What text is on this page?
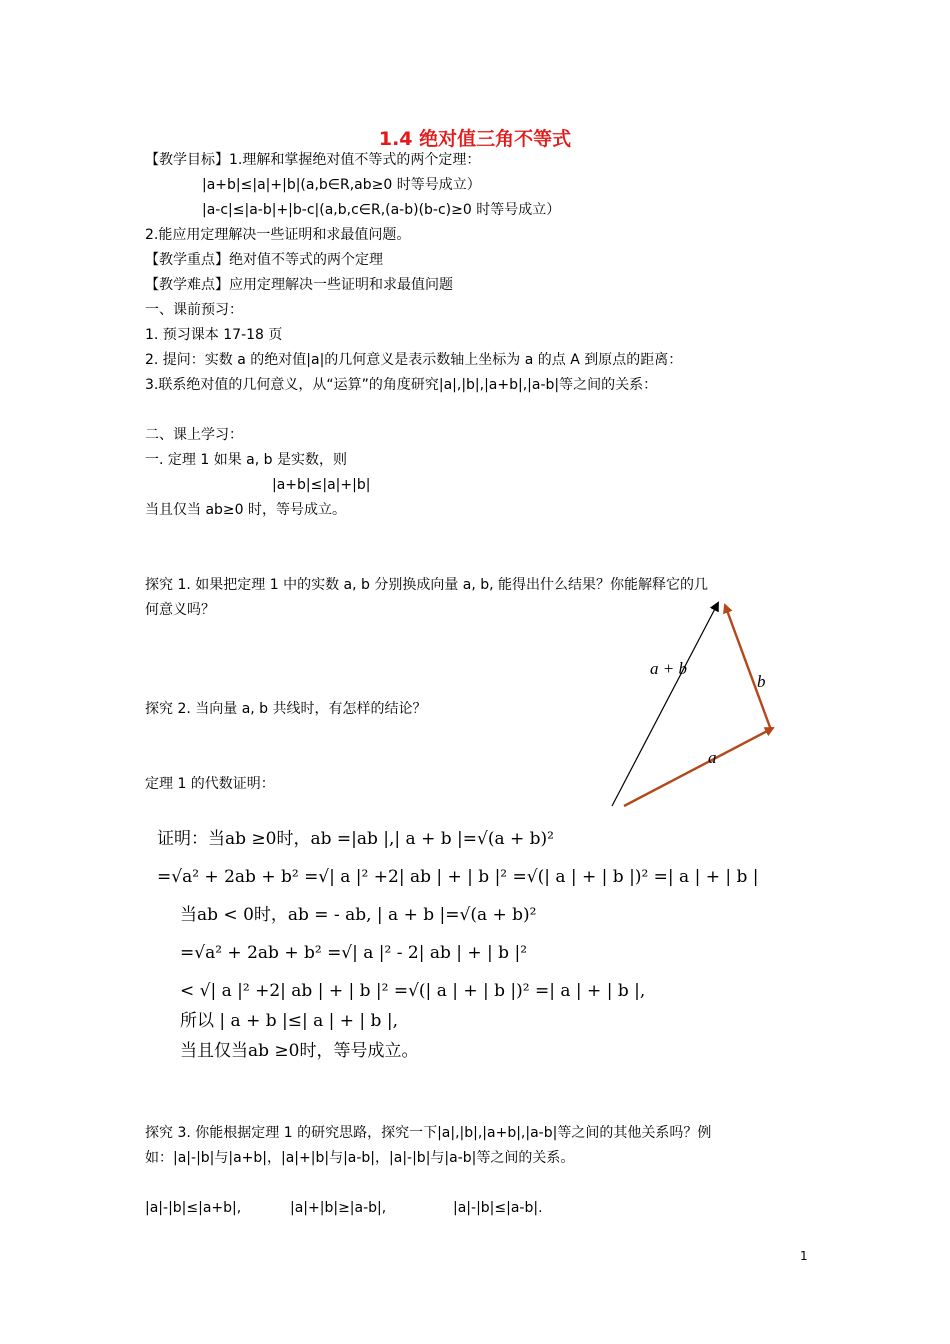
1.4 绝对值三角不等式
【教学目标】1.理解和掌握绝对值不等式的两个定理：
|a+b|≤|a|+|b|(a,b∈R,ab≥0 时等号成立）
|a-c|≤|a-b|+|b-c|(a,b,c∈R,(a-b)(b-c)≥0 时等号成立）
2.能应用定理解决一些证明和求最值问题。
【教学重点】绝对值不等式的两个定理
【教学难点】应用定理解决一些证明和求最值问题
一、课前预习：
1. 预习课本 17-18 页
2. 提问：实数 a 的绝对值|a|的几何意义是表示数轴上坐标为 a 的点 A 到原点的距离：
3.联系绝对值的几何意义，从“运算”的角度研究|a|,|b|,|a+b|,|a-b|等之间的关系：
二、课上学习：
一. 定理 1 如果 a, b 是实数，则
|a+b|≤|a|+|b|
当且仅当 ab≥0 时，等号成立。
探究 1. 如果把定理 1 中的实数 a, b 分别换成向量 a, b, 能得出什么结果？你能解释它的几
何意义吗？
探究 2. 当向量 a, b 共线时，有怎样的结论？
定理 1 的代数证明：
a + b
b
a
证明：当ab ≥0时，ab =|ab |,| a + b |=√(a + b)²
=√a² + 2ab + b² =√| a |² +2| ab | + | b |² =√(| a | + | b |)² =| a | + | b |
当ab < 0时，ab = - ab, | a + b |=√(a + b)²
=√a² + 2ab + b² =√| a |² - 2| ab | + | b |²
< √| a |² +2| ab | + | b |² =√(| a | + | b |)² =| a | + | b |,
所以 | a + b |≤| a | + | b |,
当且仅当ab ≥0时，等号成立。
探究 3. 你能根据定理 1 的研究思路，探究一下|a|,|b|,|a+b|,|a-b|等之间的其他关系吗？例
如：|a|-|b|与|a+b|，|a|+|b|与|a-b|，|a|-|b|与|a-b|等之间的关系。
|a|-|b|≤|a+b|,	|a|+|b|≥|a-b|,	|a|-|b|≤|a-b|.
1
